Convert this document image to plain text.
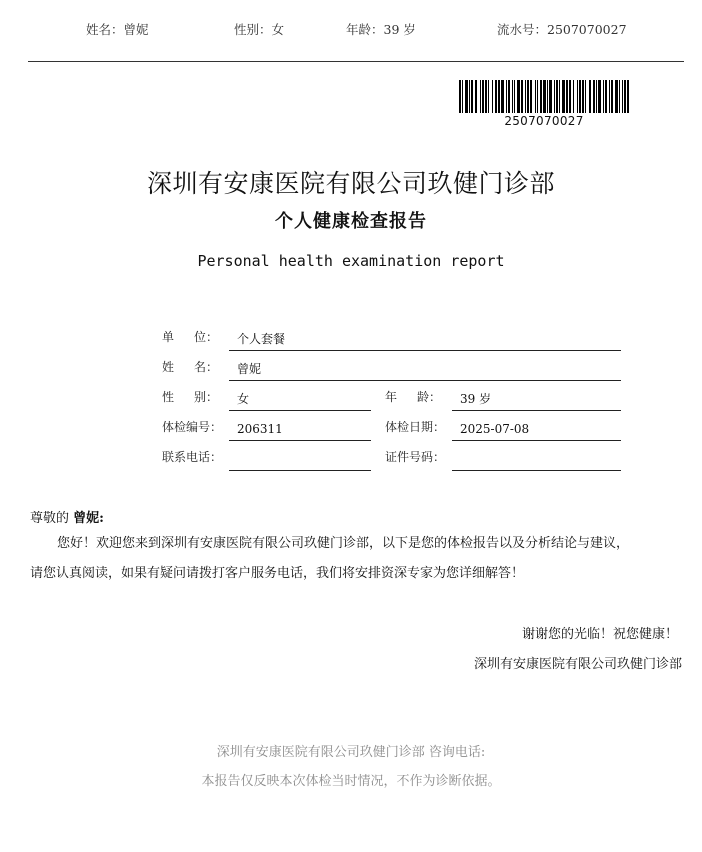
姓名：曾妮	性别：女	年龄：39 岁	流水号：2507070027
2507070027
深圳有安康医院有限公司玖健门诊部
个人健康检查报告
Personal health examination report
单 位：	个人套餐
姓 名：	曾妮
性 别：	女	年 龄：	39 岁
体检编号：	206311	体检日期：	2025-07-08
联系电话：	证件号码：
尊敬的 曾妮:
您好！欢迎您来到深圳有安康医院有限公司玖健门诊部，以下是您的体检报告以及分析结论与建议，
请您认真阅读，如果有疑问请拨打客户服务电话，我们将安排资深专家为您详细解答！
谢谢您的光临！祝您健康！
深圳有安康医院有限公司玖健门诊部
深圳有安康医院有限公司玖健门诊部 咨询电话:
本报告仅反映本次体检当时情况，不作为诊断依据。
